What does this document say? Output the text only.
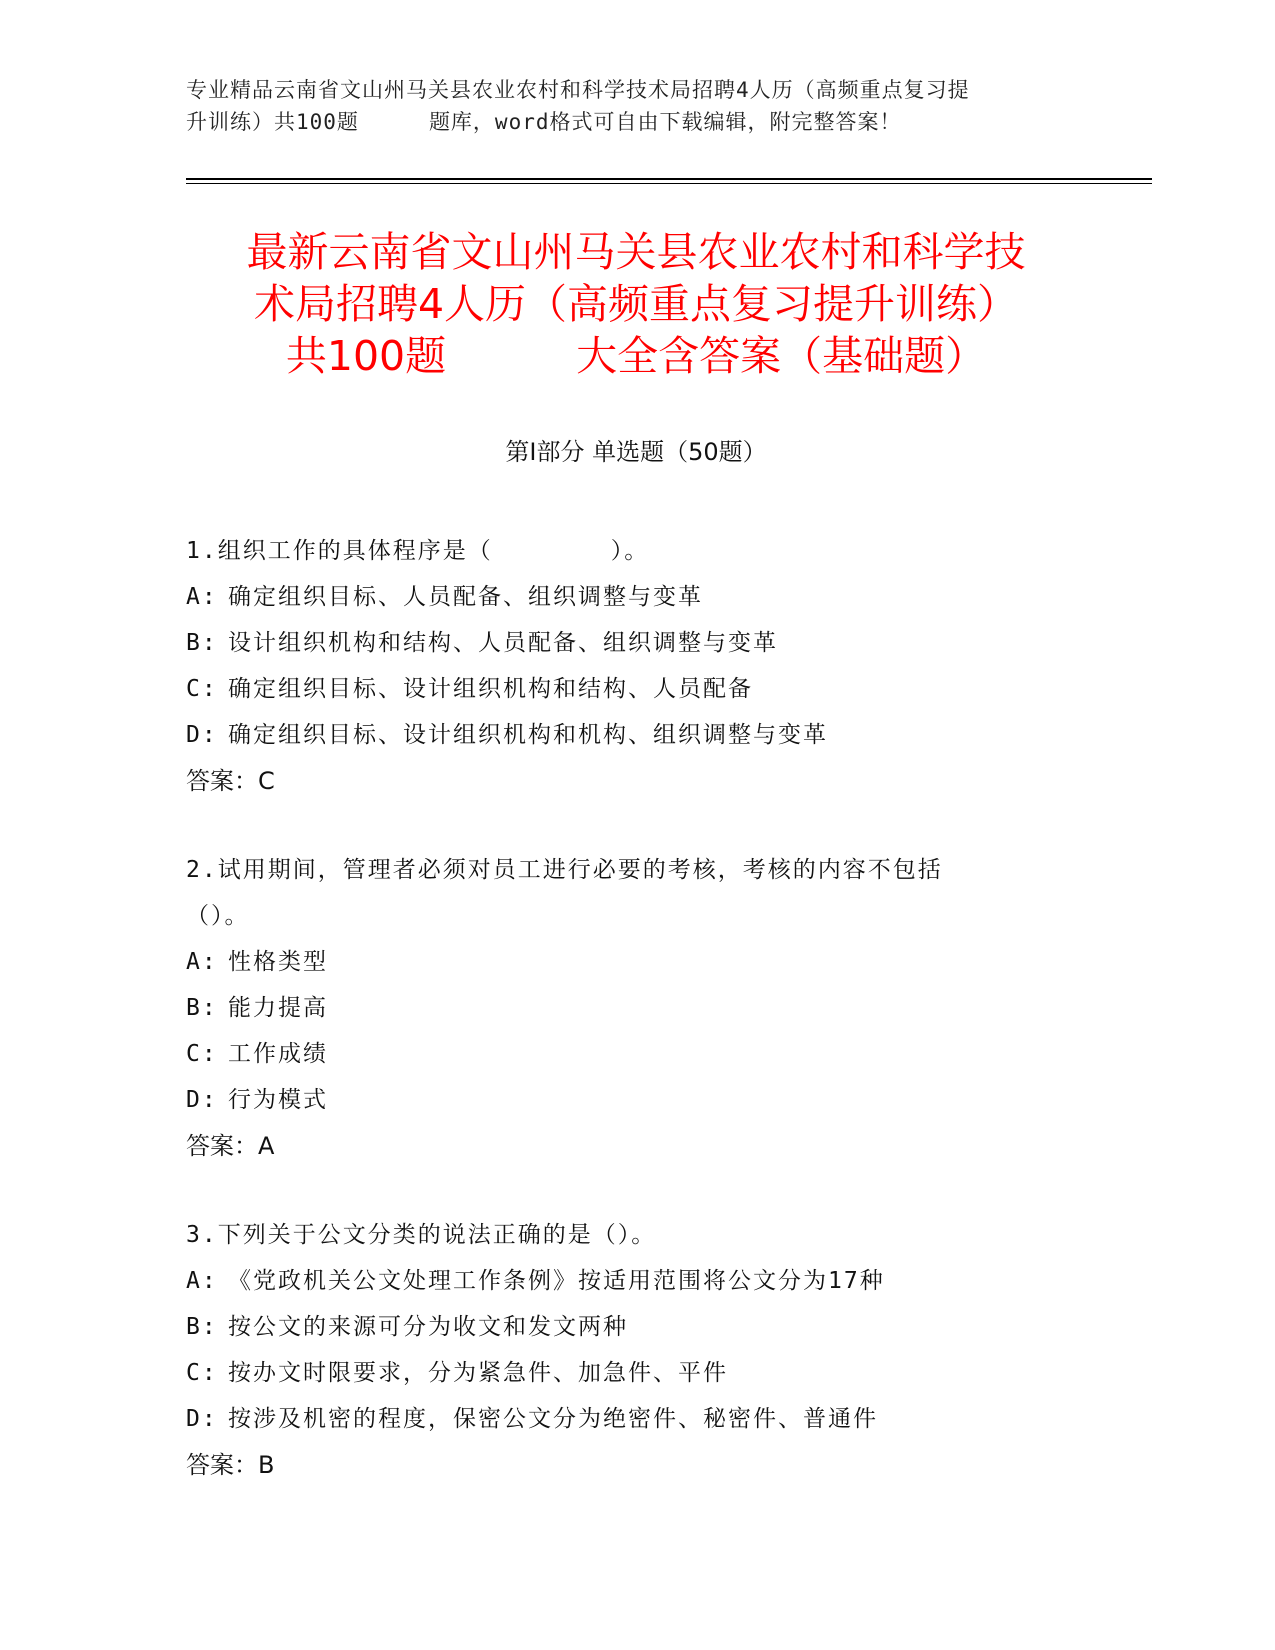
专业精品云南省文山州马关县农业农村和科学技术局招聘4人历（高频重点复习提
升训练）共100题	题库，word格式可自由下载编辑，附完整答案！
最新云南省文山州马关县农业农村和科学技
术局招聘4人历（高频重点复习提升训练）
共100题	大全含答案（基础题）
第Ⅰ部分 单选题（50题）
1.组织工作的具体程序是（	）。
A: 确定组织目标、人员配备、组织调整与变革
B: 设计组织机构和结构、人员配备、组织调整与变革
C: 确定组织目标、设计组织机构和结构、人员配备
D: 确定组织目标、设计组织机构和机构、组织调整与变革
答案：C
2.试用期间，管理者必须对员工进行必要的考核，考核的内容不包括
（）。
A: 性格类型
B: 能力提高
C: 工作成绩
D: 行为模式
答案：A
3.下列关于公文分类的说法正确的是（）。
A: 《党政机关公文处理工作条例》按适用范围将公文分为17种
B: 按公文的来源可分为收文和发文两种
C: 按办文时限要求，分为紧急件、加急件、平件
D: 按涉及机密的程度，保密公文分为绝密件、秘密件、普通件
答案：B
